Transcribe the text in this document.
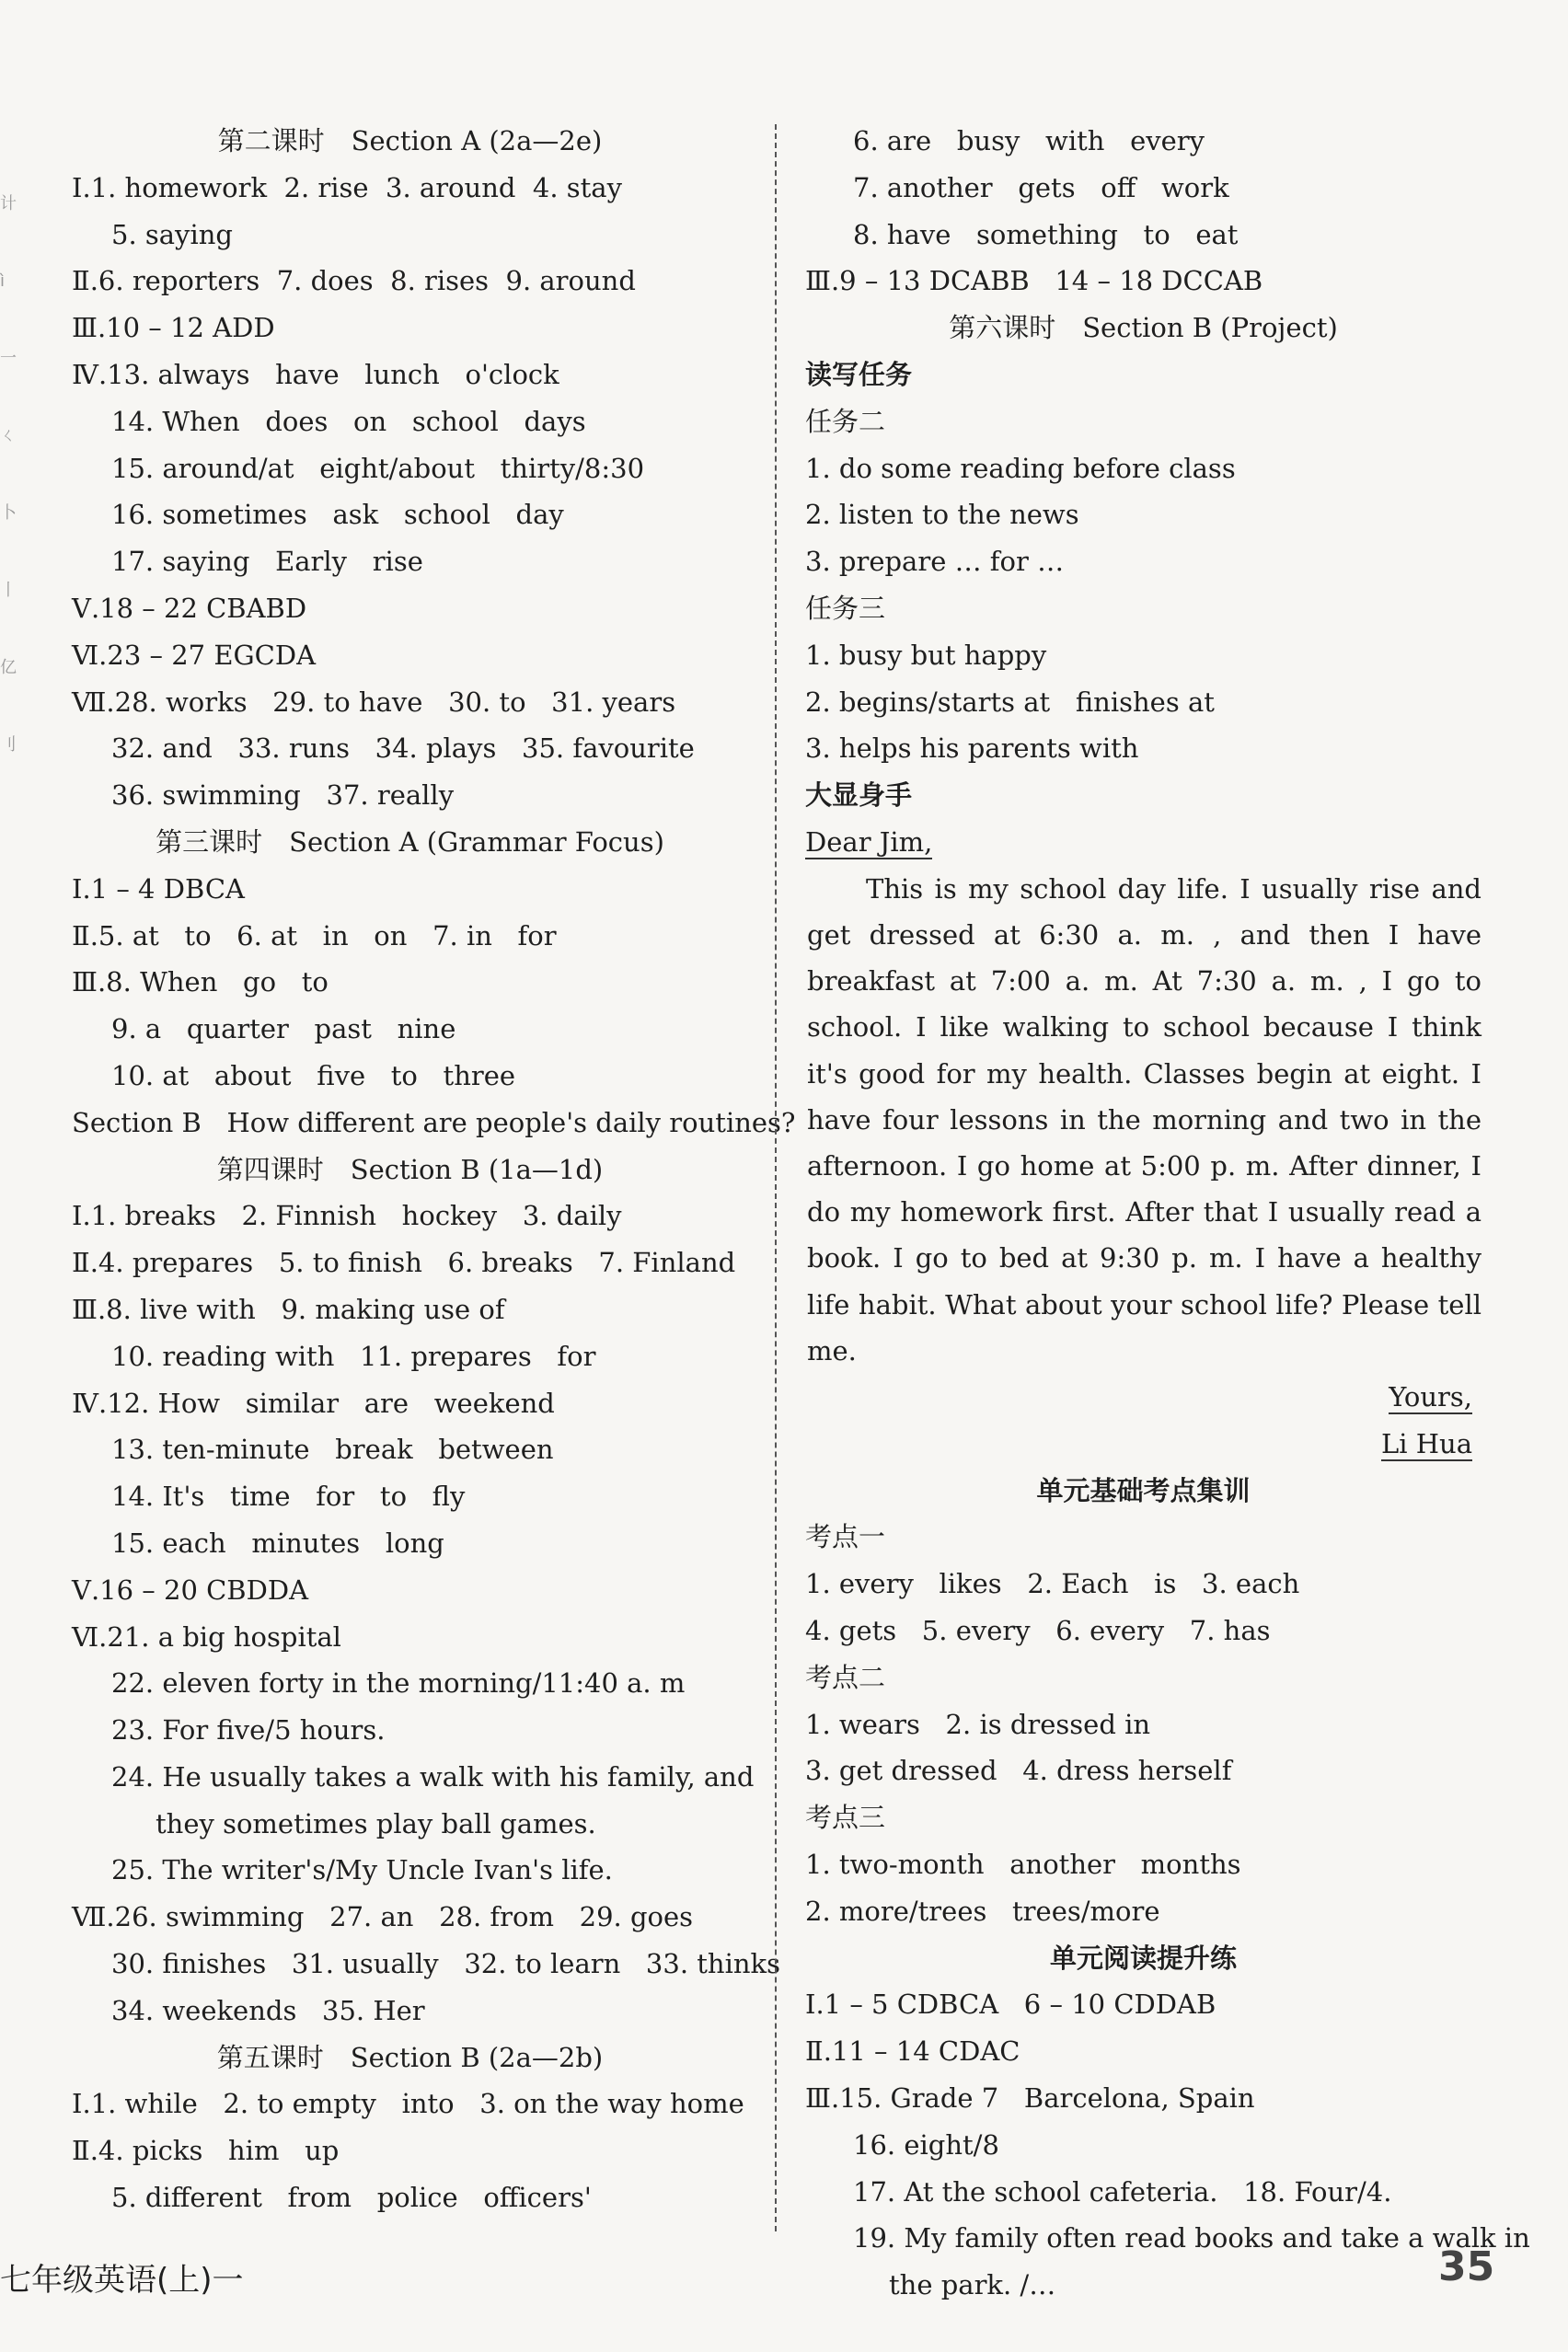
计
ì
一
ㄑ
卜
丨
亿
刂
第二课时　Section A (2a—2e)
Ⅰ.1. homework  2. rise  3. around  4. stay
5. saying
Ⅱ.6. reporters  7. does  8. rises  9. around
Ⅲ.10 – 12 ADD
Ⅳ.13. always   have   lunch   o'clock
14. When   does   on   school   days
15. around/at   eight/about   thirty/8:30
16. sometimes   ask   school   day
17. saying   Early   rise
Ⅴ.18 – 22 CBABD
Ⅵ.23 – 27 EGCDA
Ⅶ.28. works   29. to have   30. to   31. years
32. and   33. runs   34. plays   35. favourite
36. swimming   37. really
第三课时　Section A (Grammar Focus)
Ⅰ.1 – 4 DBCA
Ⅱ.5. at   to   6. at   in   on   7. in   for
Ⅲ.8. When   go   to
9. a   quarter   past   nine
10. at   about   five   to   three
Section B   How different are people's daily routines?
第四课时　Section B (1a—1d)
Ⅰ.1. breaks   2. Finnish   hockey   3. daily
Ⅱ.4. prepares   5. to finish   6. breaks   7. Finland
Ⅲ.8. live with   9. making use of
10. reading with   11. prepares   for
Ⅳ.12. How   similar   are   weekend
13. ten-minute   break   between
14. It's   time   for   to   fly
15. each   minutes   long
Ⅴ.16 – 20 CBDDA
Ⅵ.21. a big hospital
22. eleven forty in the morning/11:40 a. m
23. For five/5 hours.
24. He usually takes a walk with his family, and
they sometimes play ball games.
25. The writer's/My Uncle Ivan's life.
Ⅶ.26. swimming   27. an   28. from   29. goes
30. finishes   31. usually   32. to learn   33. thinks
34. weekends   35. Her
第五课时　Section B (2a—2b)
Ⅰ.1. while   2. to empty   into   3. on the way home
Ⅱ.4. picks   him   up
5. different   from   police   officers'
6. are   busy   with   every
7. another   gets   off   work
8. have   something   to   eat
Ⅲ.9 – 13 DCABB   14 – 18 DCCAB
第六课时　Section B (Project)
读写任务
任务二
1. do some reading before class
2. listen to the news
3. prepare … for …
任务三
1. busy but happy
2. begins/starts at   finishes at
3. helps his parents with
大显身手
Dear Jim,

This is my school day life. I usually rise and get dressed at 6:30 a. m. , and then I have breakfast at 7:00 a. m. At 7:30 a. m. , I go to school. I like walking to school because I think it's good for my health. Classes begin at eight. I have four lessons in the morning and two in the afternoon. I go home at 5:00 p. m. After dinner, I do my homework first. After that I usually read a book. I go to bed at 9:30 p. m. I have a healthy life habit. What about your school life? Please tell me.

Yours,
Li Hua
单元基础考点集训
考点一
1. every   likes   2. Each   is   3. each
4. gets   5. every   6. every   7. has
考点二
1. wears   2. is dressed in
3. get dressed   4. dress herself
考点三
1. two-month   another   months
2. more/trees   trees/more
单元阅读提升练
Ⅰ.1 – 5 CDBCA   6 – 10 CDDAB
Ⅱ.11 – 14 CDAC
Ⅲ.15. Grade 7   Barcelona, Spain
16. eight/8
17. At the school cafeteria.   18. Four/4.
19. My family often read books and take a walk in
the park. /…
七年级英语(上)一	35
